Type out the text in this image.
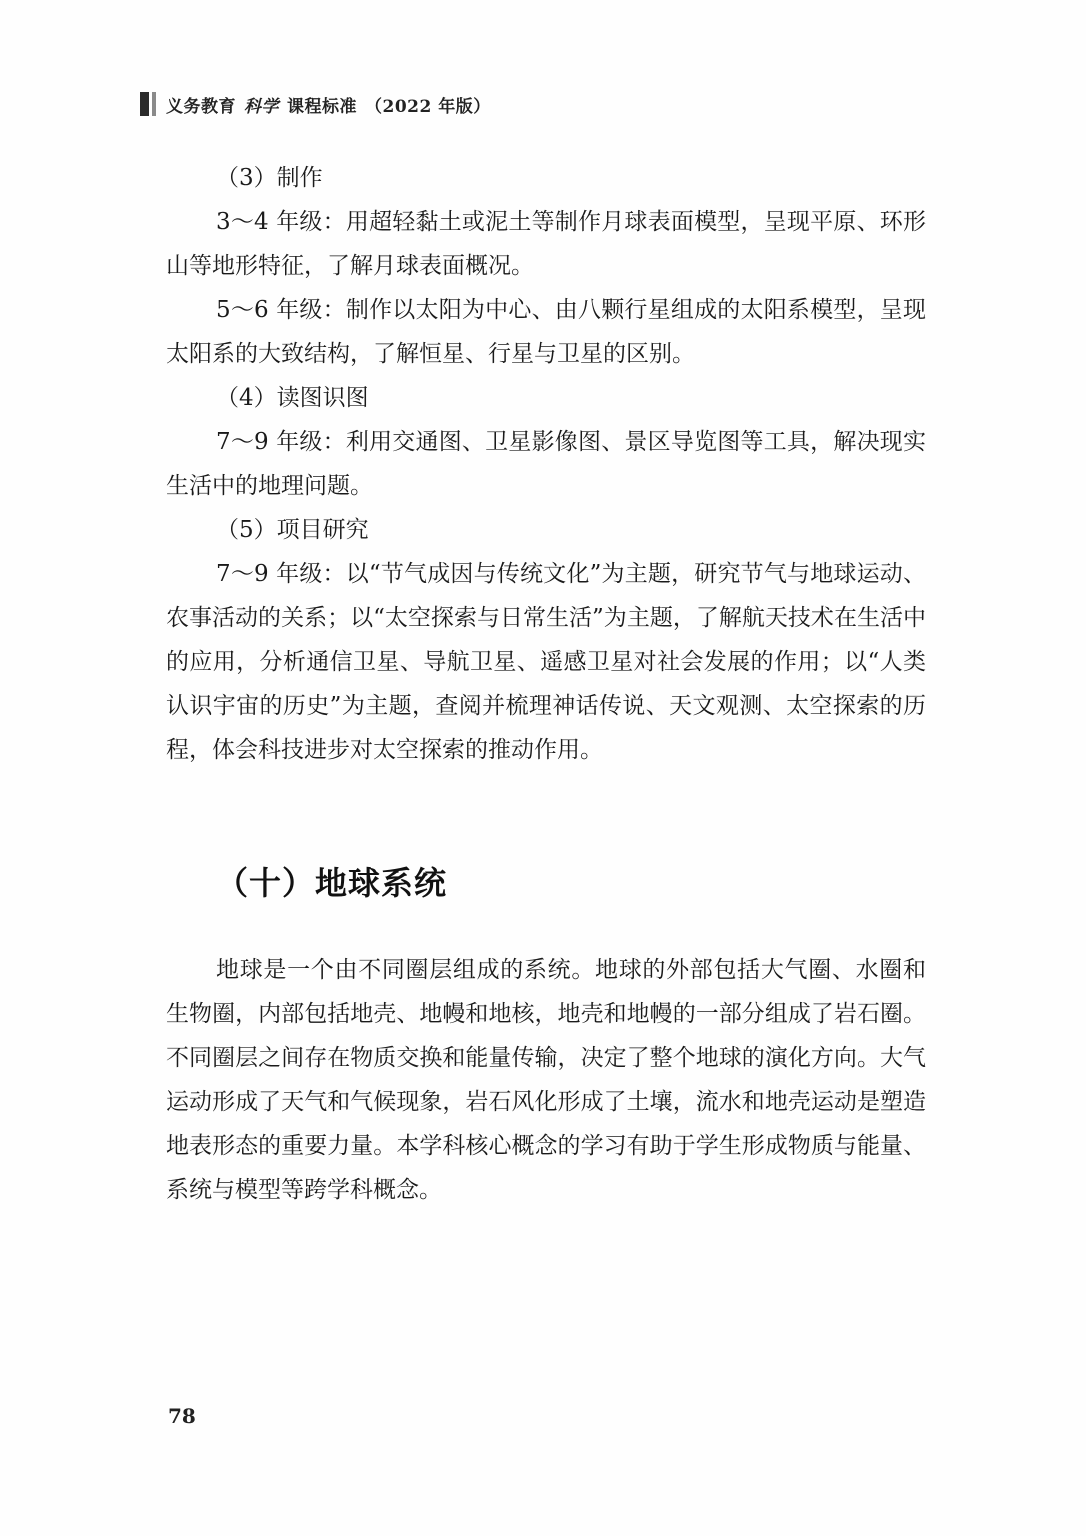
义务教育 科学 课程标准 （2022 年版）

（3）制作

3～4 年级：用超轻黏土或泥土等制作月球表面模型，呈现平原、环形山等地形特征，了解月球表面概况。

5～6 年级：制作以太阳为中心、由八颗行星组成的太阳系模型，呈现太阳系的大致结构，了解恒星、行星与卫星的区别。

（4）读图识图

7～9 年级：利用交通图、卫星影像图、景区导览图等工具，解决现实生活中的地理问题。

（5）项目研究

7～9 年级：以“节气成因与传统文化”为主题，研究节气与地球运动、农事活动的关系；以“太空探索与日常生活”为主题，了解航天技术在生活中的应用，分析通信卫星、导航卫星、遥感卫星对社会发展的作用；以“人类认识宇宙的历史”为主题，查阅并梳理神话传说、天文观测、太空探索的历程，体会科技进步对太空探索的推动作用。

（十）地球系统

地球是一个由不同圈层组成的系统。地球的外部包括大气圈、水圈和生物圈，内部包括地壳、地幔和地核，地壳和地幔的一部分组成了岩石圈。不同圈层之间存在物质交换和能量传输，决定了整个地球的演化方向。大气运动形成了天气和气候现象，岩石风化形成了土壤，流水和地壳运动是塑造地表形态的重要力量。本学科核心概念的学习有助于学生形成物质与能量、系统与模型等跨学科概念。

78
